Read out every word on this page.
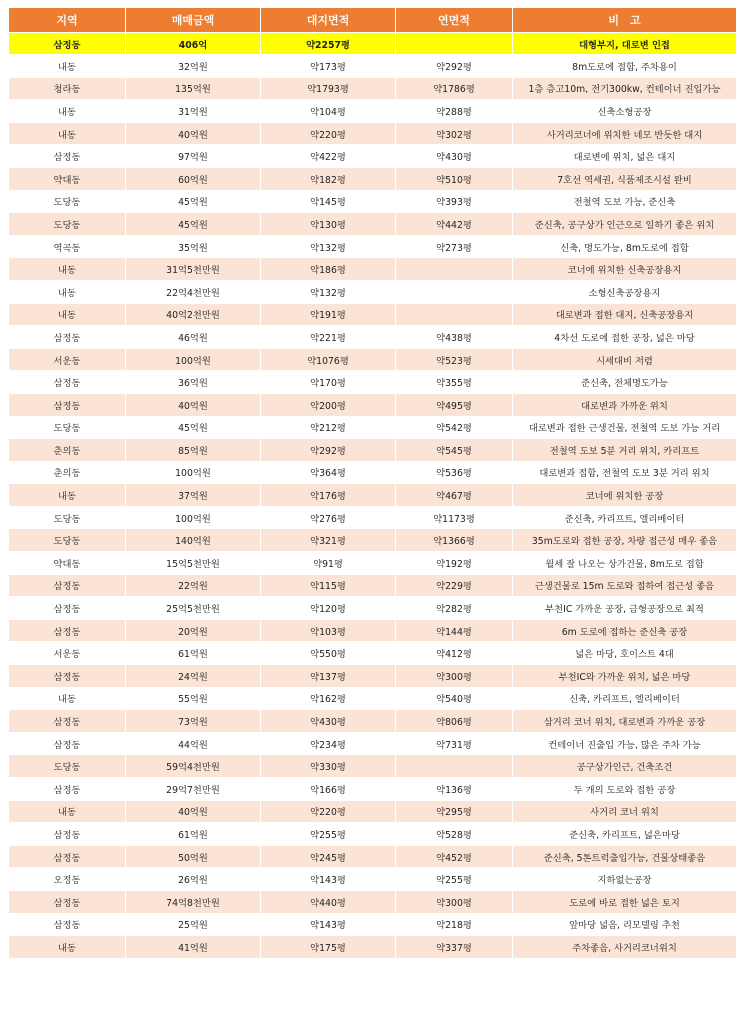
지역	매매금액	대지면적	연면적	비　고
삼정동	406억	약2257평		대형부지, 대로변 인접
내동	32억원	약173평	약292평	8m도로에 접함, 주차용이
청라동	135억원	약1793평	약1786평	1층 층고10m, 전기300kw, 컨테이너 진입가능
내동	31억원	약104평	약288평	신축소형공장
내동	40억원	약220평	약302평	사거리코너에 위치한 네모 반듯한 대지
삼정동	97억원	약422평	약430평	대로변에 위치, 넓은 대지
약대동	60억원	약182평	약510평	7호선 역세권, 식품제조시설 완비
도당동	45억원	약145평	약393평	전철역 도보 가능, 준신축
도당동	45억원	약130평	약442평	준신축, 공구상가 인근으로 일하기 좋은 위치
역곡동	35억원	약132평	약273평	신축, 명도가능, 8m도로에 접함
내동	31억5천만원	약186평		코너에 위치한 신축공장용지
내동	22억4천만원	약132평		소형신축공장용지
내동	40억2천만원	약191평		대로변과 접한 대지, 신축공장용지
삼정동	46억원	약221평	약438평	4차선 도로에 접한 공장, 넓은 마당
서운동	100억원	약1076평	약523평	시세대비 저렴
삼정동	36억원	약170평	약355평	준신축, 전체명도가능
삼정동	40억원	약200평	약495평	대로변과 가까운 위치
도당동	45억원	약212평	약542평	대로변과 접한 근생건물, 전철역 도보 가능 거리
춘의동	85억원	약292평	약545평	전철역 도보 5분 거리 위치, 카리프트
춘의동	100억원	약364평	약536평	대로변과 접함, 전철역 도보 3분 거리 위치
내동	37억원	약176평	약467평	코너에 위치한 공장
도당동	100억원	약276평	약1173평	준신축, 카리프트, 엘리베이터
도당동	140억원	약321평	약1366평	35m도로와 접한 공장, 차량 접근성 매우 좋음
약대동	15억5천만원	약91평	약192평	월세 잘 나오는 상가건물, 8m도로 접함
삼정동	22억원	약115평	약229평	근생건물로 15m 도로와 접하여 접근성 좋음
삼정동	25억5천만원	약120평	약282평	부천IC 가까운 공장, 금형공장으로 최적
삼정동	20억원	약103평	약144평	6m 도로에 접하는 준신축 공장
서운동	61억원	약550평	약412평	넓은 마당, 호이스트 4대
삼정동	24억원	약137평	약300평	부천IC와 가까운 위치, 넓은 마당
내동	55억원	약162평	약540평	신축, 카리프트, 엘리베이터
삼정동	73억원	약430평	약806평	삼거리 코너 위치, 대로변과 가까운 공장
삼정동	44억원	약234평	약731평	컨테이너 진출입 가능, 많은 주차 가능
도당동	59억4천만원	약330평		공구상가인근, 건축조건
삼정동	29억7천만원	약166평	약136평	두 개의 도로와 접한 공장
내동	40억원	약220평	약295평	사거리 코너 위치
삼정동	61억원	약255평	약528평	준신축, 카리프트, 넓은마당
삼정동	50억원	약245평	약452평	준신축, 5톤트럭출입가능, 건물상태좋음
오정동	26억원	약143평	약255평	지하없는공장
삼정동	74억8천만원	약440평	약300평	도로에 바로 접한 넓은 토지
삼정동	25억원	약143평	약218평	앞마당 넓음, 리모델링 추천
내동	41억원	약175평	약337평	주차좋음, 사거리코너위치
